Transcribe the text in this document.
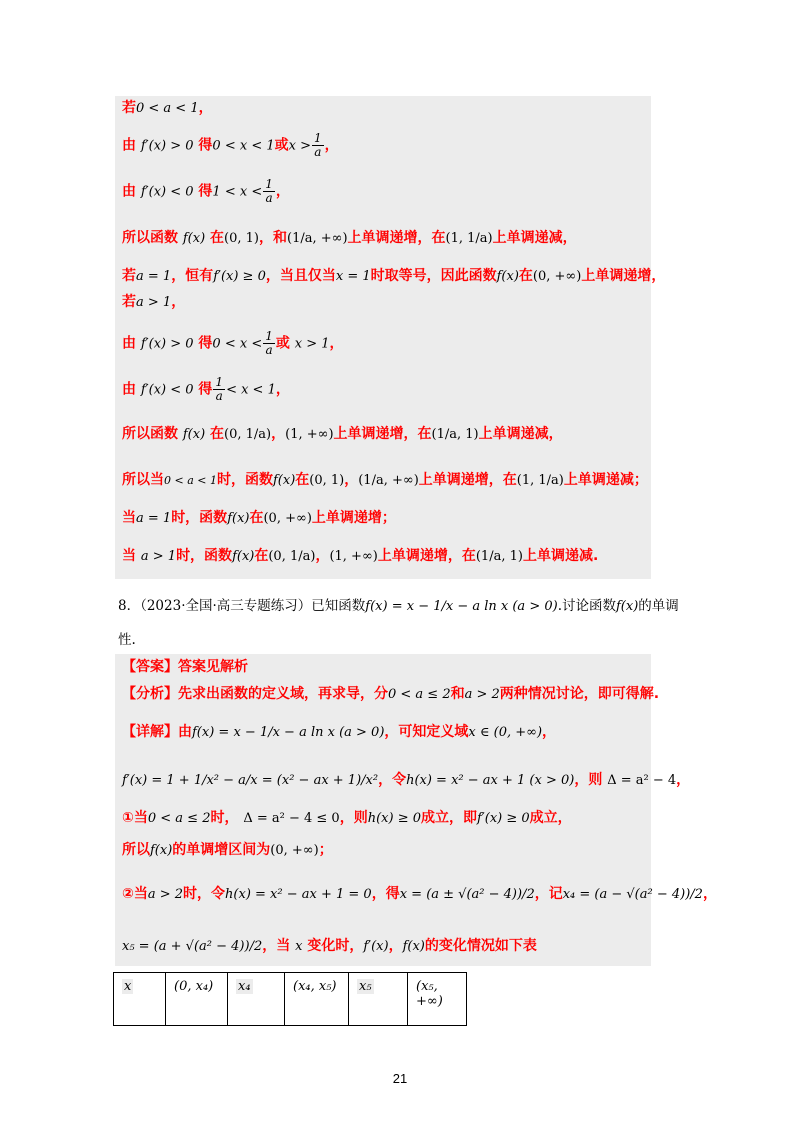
若0 < a < 1，
由 f′(x) > 0 得0 < x < 1或$x > \frac{1}{a}$ ，
由 f′(x) < 0 得$1 < x < \frac{1}{a}$ ，
所以函数 f(x) 在(0, 1)，和(1/a, +∞)上单调递增，在(1, 1/a)上单调递减，
若a = 1，恒有f′(x) ≥ 0，当且仅当x = 1时取等号，因此函数f(x)在(0, +∞)上单调递增，
若a > 1，
由 f′(x) > 0 得$0 < x < \frac{1}{a}$ 或 x > 1，
由 f′(x) < 0 得 $\frac{1}{a} < x < 1$，
所以函数 f(x) 在(0, 1/a)，(1, +∞)上单调递增，在(1/a, 1)上单调递减，
所以当0 < a < 1时，函数f(x)在(0, 1)，(1/a, +∞)上单调递增，在(1, 1/a)上单调递减；
当a = 1时，函数f(x)在(0, +∞)上单调递增；
当 a > 1时，函数f(x)在(0, 1/a)，(1, +∞)上单调递增，在(1/a, 1)上单调递减.
8．（2023·全国·高三专题练习）已知函数f(x) = x − 1/x − a ln x (a > 0).讨论函数f(x)的单调
性.
【答案】答案见解析
【分析】先求出函数的定义域，再求导，分0 < a ≤ 2和a > 2两种情况讨论，即可得解.
【详解】由f(x) = x − 1/x − a ln x (a > 0)，可知定义域x ∈ (0, +∞)，
f′(x) = 1 + 1/x² − a/x = (x² − ax + 1)/x²，令h(x) = x² − ax + 1 (x > 0)，则 Δ = a² − 4，
①当0 < a ≤ 2时， Δ = a² − 4 ≤ 0，则h(x) ≥ 0成立，即f′(x) ≥ 0成立，
所以f(x)的单调增区间为(0, +∞)；
②当a > 2时，令h(x) = x² − ax + 1 = 0，得x = (a ± √(a² − 4))/2，记x₄ = (a − √(a² − 4))/2，
x₅ = (a + √(a² − 4))/2，当 x 变化时，f′(x)，f(x)的变化情况如下表
x	(0, x₄)	x₄	(x₄, x₅)	x₅	(x₅, +∞)
21
